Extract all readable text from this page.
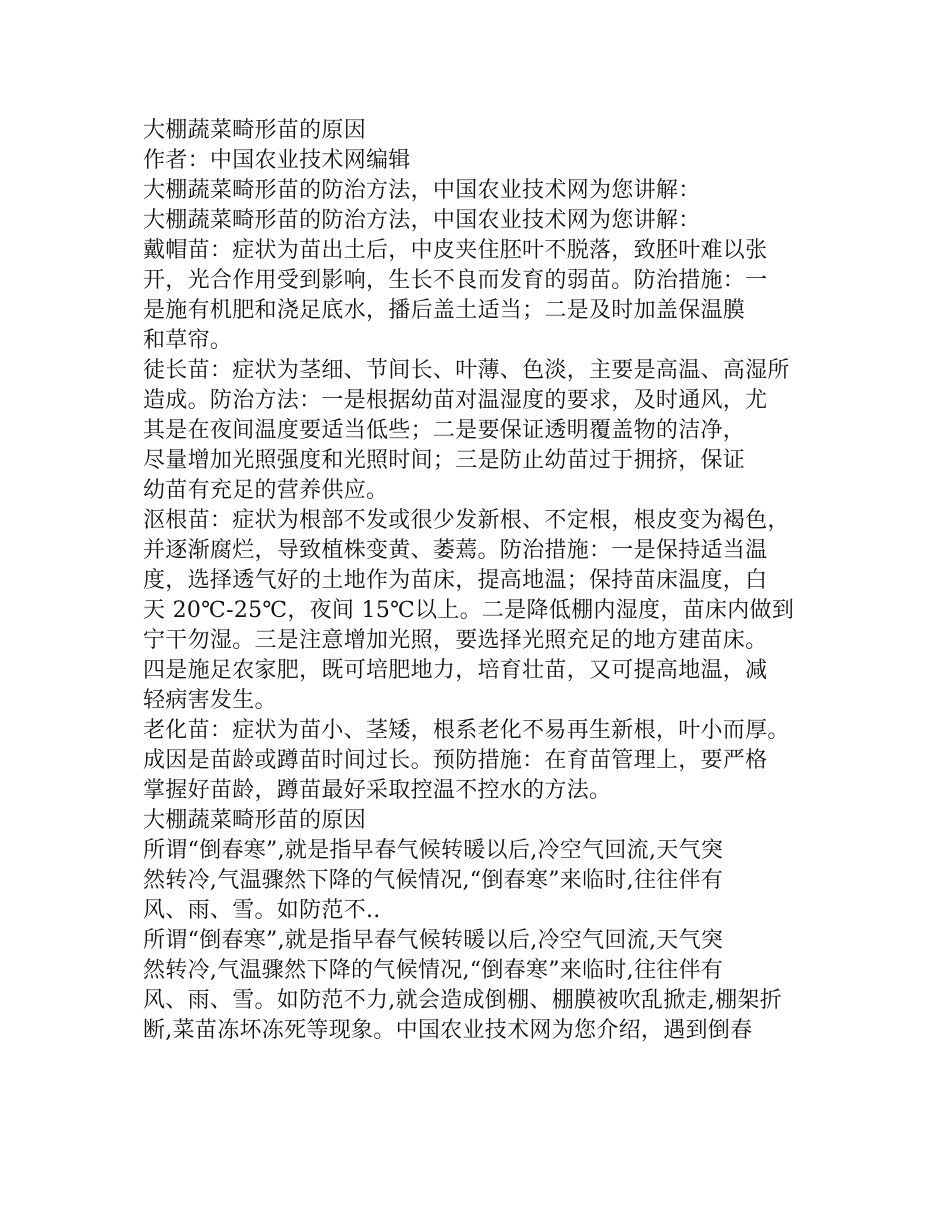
大棚蔬菜畸形苗的原因
作者：中国农业技术网编辑
大棚蔬菜畸形苗的防治方法，中国农业技术网为您讲解：
大棚蔬菜畸形苗的防治方法，中国农业技术网为您讲解：
戴帽苗：症状为苗出土后，中皮夹住胚叶不脱落，致胚叶难以张
开，光合作用受到影响，生长不良而发育的弱苗。防治措施：一
是施有机肥和浇足底水，播后盖土适当；二是及时加盖保温膜
和草帘。
徒长苗：症状为茎细、节间长、叶薄、色淡，主要是高温、高湿所
造成。防治方法：一是根据幼苗对温湿度的要求，及时通风，尤
其是在夜间温度要适当低些；二是要保证透明覆盖物的洁净，
尽量增加光照强度和光照时间；三是防止幼苗过于拥挤，保证
幼苗有充足的营养供应。
沤根苗：症状为根部不发或很少发新根、不定根，根皮变为褐色，
并逐渐腐烂，导致植株变黄、萎蔫。防治措施：一是保持适当温
度，选择透气好的土地作为苗床，提高地温；保持苗床温度，白
天 20℃-25℃，夜间 15℃以上。二是降低棚内湿度，苗床内做到
宁干勿湿。三是注意增加光照，要选择光照充足的地方建苗床。
四是施足农家肥，既可培肥地力，培育壮苗，又可提高地温，减
轻病害发生。
老化苗：症状为苗小、茎矮，根系老化不易再生新根，叶小而厚。
成因是苗龄或蹲苗时间过长。预防措施：在育苗管理上，要严格
掌握好苗龄，蹲苗最好采取控温不控水的方法。
大棚蔬菜畸形苗的原因
所谓“倒春寒”,就是指早春气候转暖以后,冷空气回流,天气突
然转冷,气温骤然下降的气候情况,“倒春寒”来临时,往往伴有
风、雨、雪。如防范不..
所谓“倒春寒”,就是指早春气候转暖以后,冷空气回流,天气突
然转冷,气温骤然下降的气候情况,“倒春寒”来临时,往往伴有
风、雨、雪。如防范不力,就会造成倒棚、棚膜被吹乱掀走,棚架折
断,菜苗冻坏冻死等现象。中国农业技术网为您介绍，遇到倒春
